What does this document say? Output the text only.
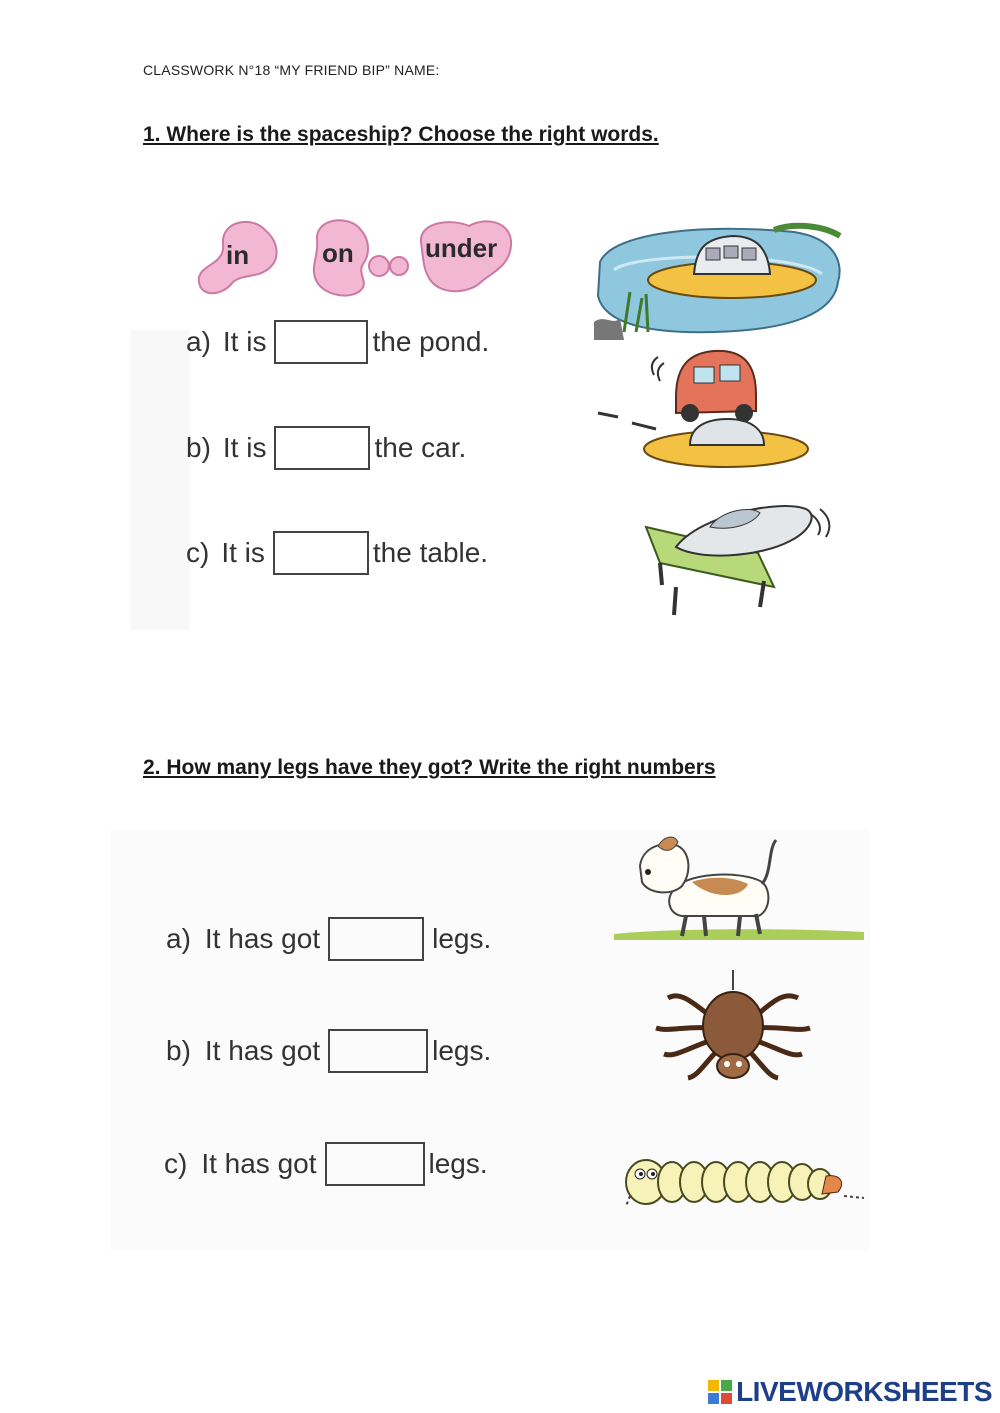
CLASSWORK N°18 “MY FRIEND BIP” NAME:
1. Where is the spaceship? Choose the right words.
in	on	under
a) It is	the pond.
b) It is	the car.
c) It is	the table.
2. How many legs have they got? Write the right numbers
a) It has got	legs.
b) It has got	legs.
c) It has got	legs.
LIVEWORKSHEETS
